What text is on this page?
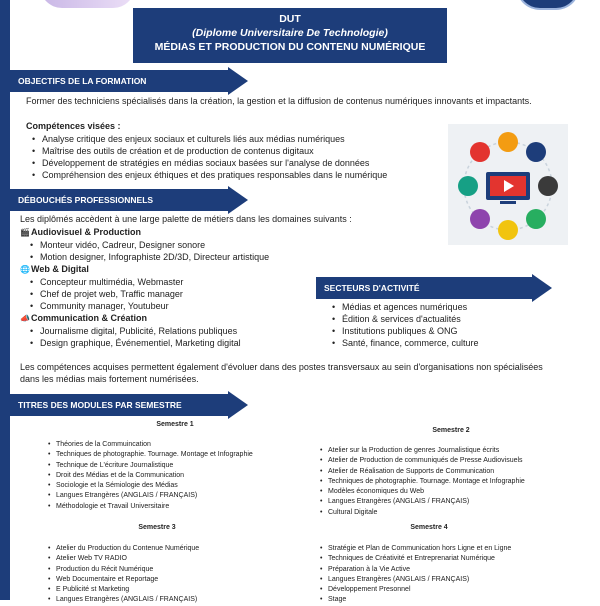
DUT
(Diplome Universitaire De Technologie)
MÉDIAS ET PRODUCTION DU CONTENU NUMÉRIQUE
OBJECTIFS DE LA FORMATION
Former des techniciens spécialisés dans la création, la gestion et la diffusion de contenus numériques innovants et impactants.
Compétences visées :
• Analyse critique des enjeux sociaux et culturels liés aux médias numériques
• Maîtrise des outils de création et de production de contenus digitaux
• Développement de stratégies en médias sociaux basées sur l'analyse de données
• Compréhension des enjeux éthiques et des pratiques responsables dans le numérique
DÉBOUCHÉS PROFESSIONNELS
Les diplômés accèdent à une large palette de métiers dans les domaines suivants :
🎬Audiovisuel & Production
• Monteur vidéo, Cadreur, Designer sonore
• Motion designer, Infographiste 2D/3D, Directeur artistique
🌐Web & Digital
• Concepteur multimédia, Webmaster
• Chef de projet web, Traffic manager
• Community manager, Youtubeur
📣Communication & Création
• Journalisme digital, Publicité, Relations publiques
• Design graphique, Événementiel, Marketing digital
SECTEURS D'ACTIVITÉ
• Médias et agences numériques
• Édition & services d'actualités
• Institutions publiques & ONG
• Santé, finance, commerce, culture
Les compétences acquises permettent également d'évoluer dans des postes transversaux au sein d'organisations non spécialisées dans les médias mais fortement numérisées.
TITRES DES MODULES PAR SEMESTRE
Semestre 1
• Théories de la Commuincation
• Techniques de photographie. Tournage. Montage et Infographie
• Technique de L'écriture Journalistique
• Droit des Médias et de la Communication
• Sociologie et la Sémiologie des Médias
• Langues Etrangères (ANGLAIS / FRANÇAIS)
• Méthodologie et Travail Universitaire
Semestre 2
• Atelier sur la Production de genres Journalistique écrits
• Atelier de Production de communiqués de Presse Audiovisuels
• Atelier de Réalisation de Supports de Communication
• Techniques de photographie. Tournage. Montage et Infographie
• Modèles économiques du Web
• Langues Etrangères (ANGLAIS / FRANÇAIS)
• Cultural Digitale
Semestre 3
• Atelier du Production du Contenue Numérique
• Atelier Web TV RADIO
• Production du Récit Numérique
• Web Documentaire et Reportage
• E Publicité st Marketing
• Langues Etrangères (ANGLAIS / FRANÇAIS)
Semestre 4
• Stratégie et Plan de Communication hors Ligne et en Ligne
• Techniques de Créativité et Entreprenariat Numérique
• Préparation à la Vie Active
• Langues Etrangères (ANGLAIS / FRANÇAIS)
• Développement Presonnel
• Stage
